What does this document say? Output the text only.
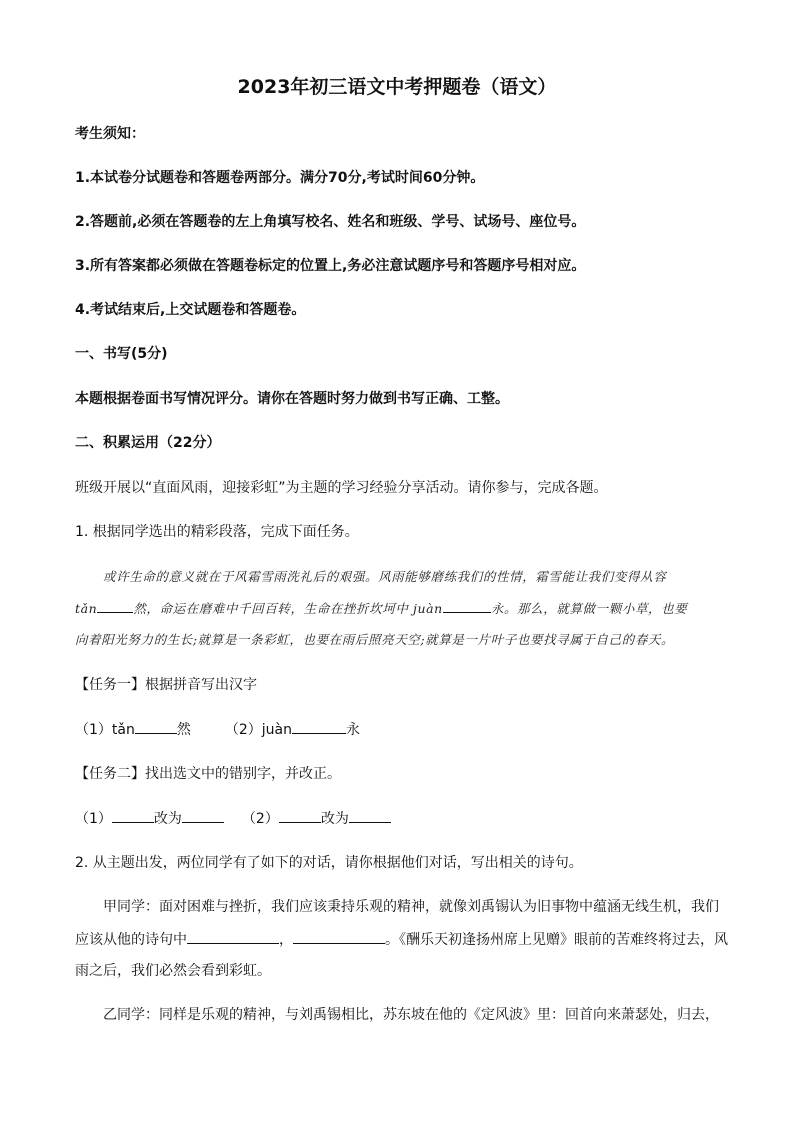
2023年初三语文中考押题卷（语文）
考生须知：
1.本试卷分试题卷和答题卷两部分。满分70分,考试时间60分钟。
2.答题前,必须在答题卷的左上角填写校名、姓名和班级、学号、试场号、座位号。
3.所有答案都必须做在答题卷标定的位置上,务必注意试题序号和答题序号相对应。
4.考试结束后,上交试题卷和答题卷。
一、书写(5分)
本题根据卷面书写情况评分。请你在答题时努力做到书写正确、工整。
二、积累运用（22分）
班级开展以“直面风雨，迎接彩虹”为主题的学习经验分享活动。请你参与，完成各题。
1. 根据同学选出的精彩段落，完成下面任务。
或许生命的意义就在于风霜雪雨洗礼后的艰强。风雨能够磨练我们的性情，霜雪能让我们变得从容
tǎn	然，命运在磨难中千回百转，生命在挫折坎坷中 juàn	永。那么，就算做一颗小草，也要
向着阳光努力的生长;就算是一条彩虹，也要在雨后照亮天空;就算是一片叶子也要找寻属于自己的春天。
【任务一】根据拼音写出汉字
（1）tǎn	然 （2）juàn	永
【任务二】找出选文中的错别字，并改正。
（1）	改为	（2）	改为
2. 从主题出发，两位同学有了如下的对话，请你根据他们对话，写出相关的诗句。
甲同学：面对困难与挫折，我们应该秉持乐观的精神，就像刘禹锡认为旧事物中蕴涵无线生机，我们
应该从他的诗句中	，	。《酬乐天初逢扬州席上见赠》眼前的苦难终将过去，风
雨之后，我们必然会看到彩虹。
乙同学：同样是乐观的精神，与刘禹锡相比，苏东坡在他的《定风波》里：回首向来萧瑟处，归去，
